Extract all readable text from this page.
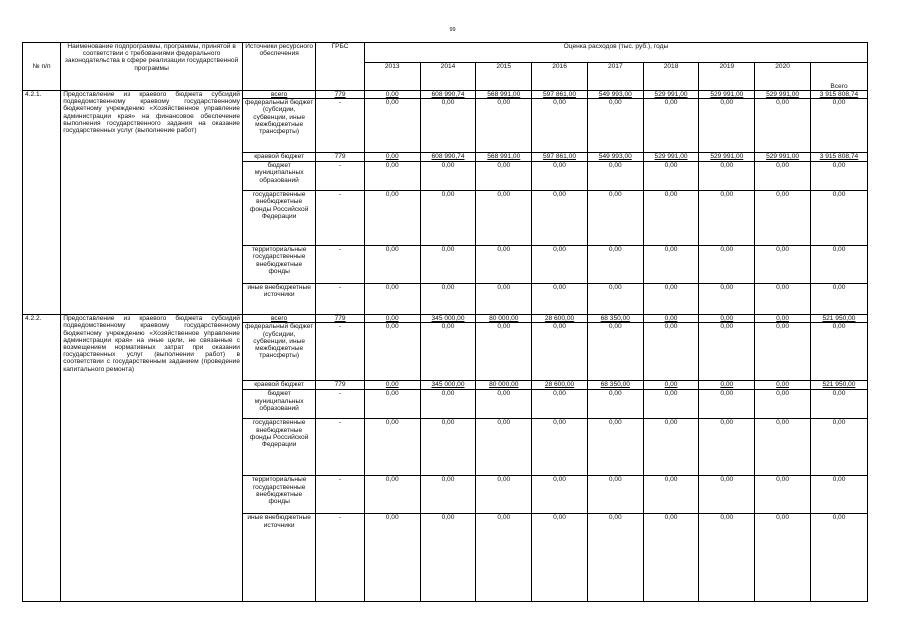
99
№ п/п	Наименование подпрограммы, программы, принятой в соответствии с требованиями федерального законодательства в сфере реализации государственной программы	Источники ресурсного обеспечения	ГРБС	Оценка расходов (тыс. руб.), годы								
				2013	2014	2015	2016	2017	2018	2019	2020	Всего
4.2.1.	Предоставление из краевого бюджета субсидий подведомственному краевому государственному бюджетному учреждению «Хозяйственное управление администрации края» на финансовое обеспечение выполнения государственного задания на оказание государственных услуг (выполнение работ)	всего	779	0,00	608 990,74	568 991,00	597 861,00	549 993,00	529 991,00	529 991,00	529 991,00	3 915 808,74
		федеральный бюджет (субсидии, субвенции, иные межбюджетные трансферты)	-	0,00	0,00	0,00	0,00	0,00	0,00	0,00	0,00	0,00
		краевой бюджет	779	0,00	608 990,74	568 991,00	597 861,00	549 993,00	529 991,00	529 991,00	529 991,00	3 915 808,74
		бюджет муниципальных образований	-	0,00	0,00	0,00	0,00	0,00	0,00	0,00	0,00	0,00
		государственные внебюджетные фонды Российской Федерации	-	0,00	0,00	0,00	0,00	0,00	0,00	0,00	0,00	0,00
		территориальные государственные внебюджетные фонды	-	0,00	0,00	0,00	0,00	0,00	0,00	0,00	0,00	0,00
		иные внебюджетные источники	-	0,00	0,00	0,00	0,00	0,00	0,00	0,00	0,00	0,00
4.2.2.	Предоставление из краевого бюджета субсидий подведомственному краевому государственному бюджетному учреждению «Хозяйственное управление администрации края» на иные цели, не связанные с возмещением нормативных затрат при оказании государственных услуг (выполнении работ) в соответствии с государственным заданием (проведение капитального ремонта)	всего	779	0,00	345 000,00	80 000,00	28 600,00	68 350,00	0,00	0,00	0,00	521 950,00
		федеральный бюджет (субсидии, субвенции, иные межбюджетные трансферты)	-	0,00	0,00	0,00	0,00	0,00	0,00	0,00	0,00	0,00
		краевой бюджет	779	0,00	345 000,00	80 000,00	28 600,00	68 350,00	0,00	0,00	0,00	521 950,00
		бюджет муниципальных образований	-	0,00	0,00	0,00	0,00	0,00	0,00	0,00	0,00	0,00
		государственные внебюджетные фонды Российской Федерации	-	0,00	0,00	0,00	0,00	0,00	0,00	0,00	0,00	0,00
		территориальные государственные внебюджетные фонды	-	0,00	0,00	0,00	0,00	0,00	0,00	0,00	0,00	0,00
		иные внебюджетные источники	-	0,00	0,00	0,00	0,00	0,00	0,00	0,00	0,00	0,00
